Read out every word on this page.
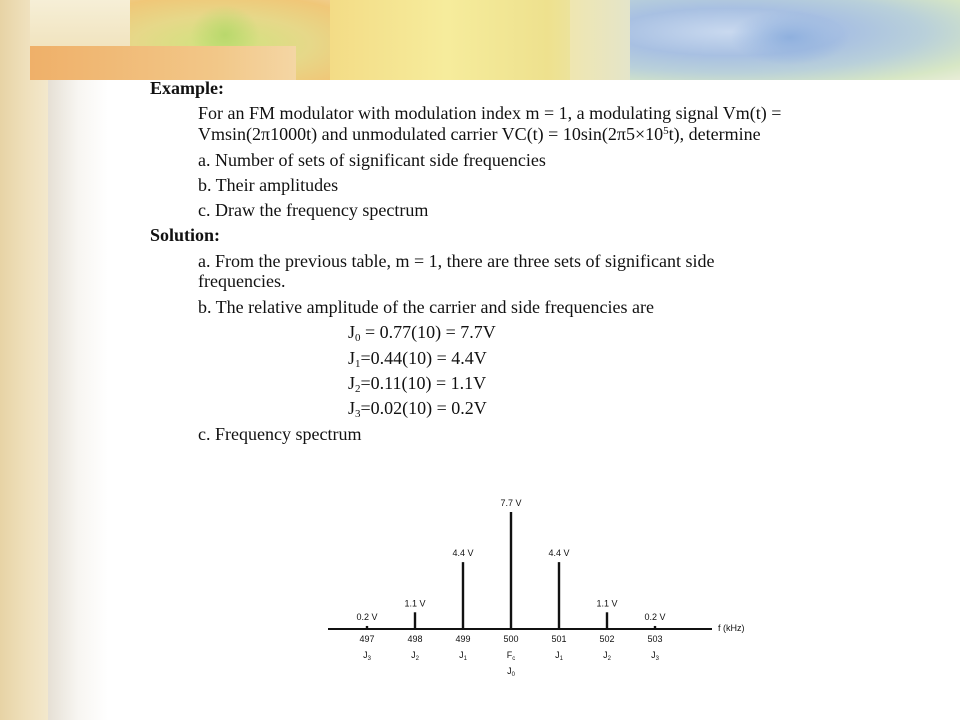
Example:
For an FM modulator with modulation index m = 1, a modulating signal Vm(t) =
Vmsin(2π1000t) and unmodulated carrier $VC(t) = 10\sin(2\pi 5\times 10^5t)$, determine
a. Number of sets of significant side frequencies
b. Their amplitudes
c. Draw the frequency spectrum
Solution:
a. From the previous table, m = 1, there are three sets of significant side
frequencies.
b. The relative amplitude of the carrier and side frequencies are
$J_0 = 0.77(10) = 7.7V$
$J_1=0.44(10) = 4.4V$
$J_2=0.11(10) = 1.1V$
$J_3=0.02(10) = 0.2V$
c. Frequency spectrum
f (kHz)
0.2 V
497
$J_3$
1.1 V
498
$J_2$
4.4 V
499
$J_1$
7.7 V
500
$F_c$
4.4 V
501
$J_1$
1.1 V
502
$J_2$
0.2 V
503
$J_3$
$J_0$
